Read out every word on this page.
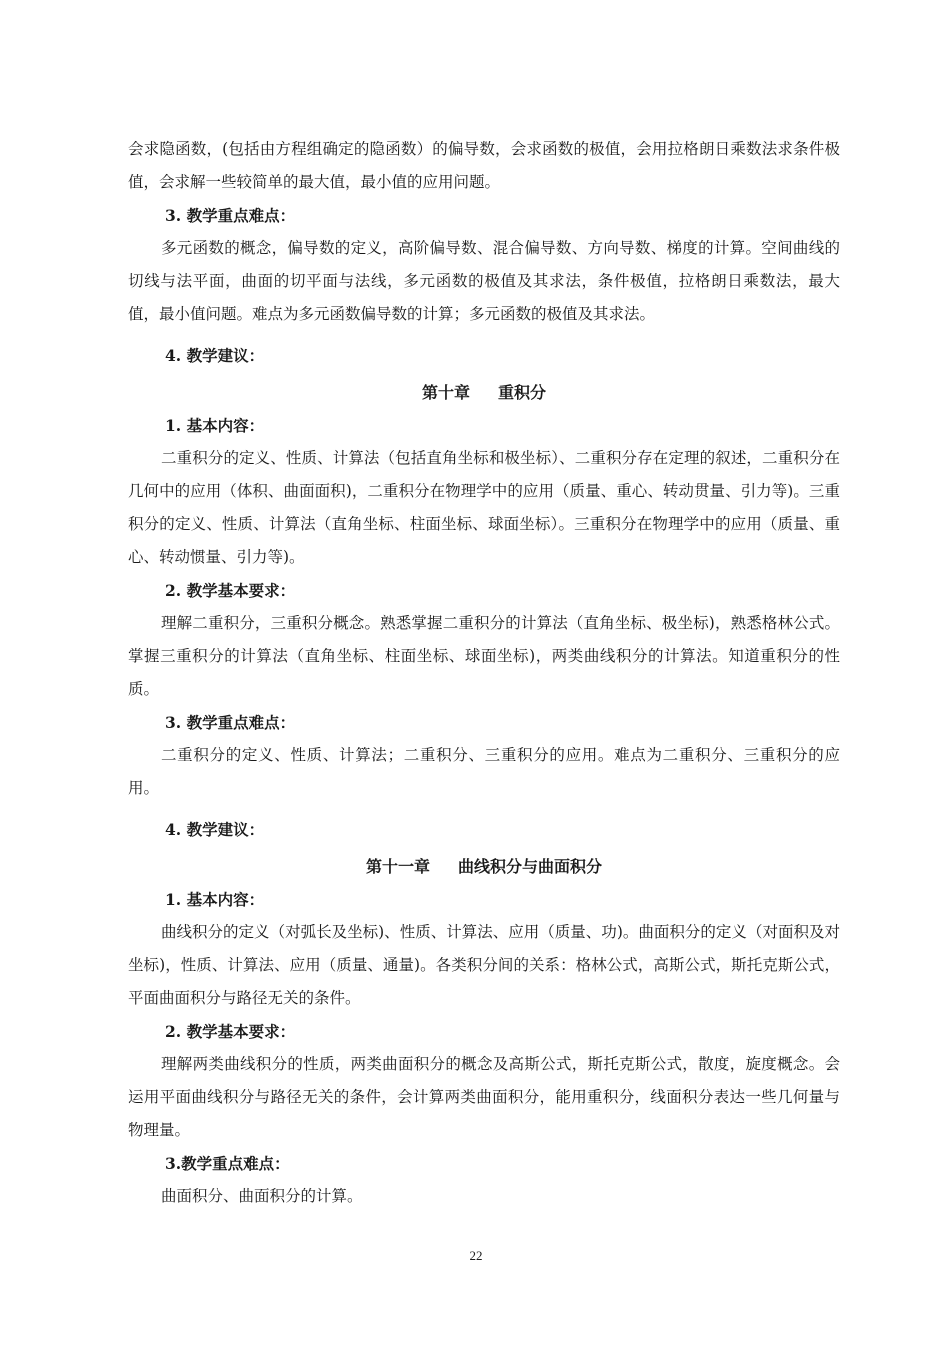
会求隐函数，(包括由方程组确定的隐函数）的偏导数，会求函数的极值，会用拉格朗日乘数法求条件极值，会求解一些较简单的最大值，最小值的应用问题。

3. 教学重点难点：

多元函数的概念，偏导数的定义，高阶偏导数、混合偏导数、方向导数、梯度的计算。空间曲线的切线与法平面，曲面的切平面与法线，多元函数的极值及其求法，条件极值，拉格朗日乘数法，最大值，最小值问题。难点为多元函数偏导数的计算；多元函数的极值及其求法。

4. 教学建议：

第十章 重积分

1. 基本内容：

二重积分的定义、性质、计算法（包括直角坐标和极坐标）、二重积分存在定理的叙述，二重积分在几何中的应用（体积、曲面面积)，二重积分在物理学中的应用（质量、重心、转动贯量、引力等)。三重积分的定义、性质、计算法（直角坐标、柱面坐标、球面坐标）。三重积分在物理学中的应用（质量、重心、转动惯量、引力等)。

2. 教学基本要求：

理解二重积分，三重积分概念。熟悉掌握二重积分的计算法（直角坐标、极坐标)，熟悉格林公式。掌握三重积分的计算法（直角坐标、柱面坐标、球面坐标)，两类曲线积分的计算法。知道重积分的性质。

3. 教学重点难点：

二重积分的定义、性质、计算法；二重积分、三重积分的应用。难点为二重积分、三重积分的应用。

4. 教学建议：

第十一章 曲线积分与曲面积分

1. 基本内容：

曲线积分的定义（对弧长及坐标)、性质、计算法、应用（质量、功)。曲面积分的定义（对面积及对坐标)，性质、计算法、应用（质量、通量)。各类积分间的关系：格林公式，高斯公式，斯托克斯公式，平面曲面积分与路径无关的条件。

2. 教学基本要求：

理解两类曲线积分的性质，两类曲面积分的概念及高斯公式，斯托克斯公式，散度，旋度概念。会运用平面曲线积分与路径无关的条件，会计算两类曲面积分，能用重积分，线面积分表达一些几何量与物理量。

3.教学重点难点：

曲面积分、曲面积分的计算。

22
